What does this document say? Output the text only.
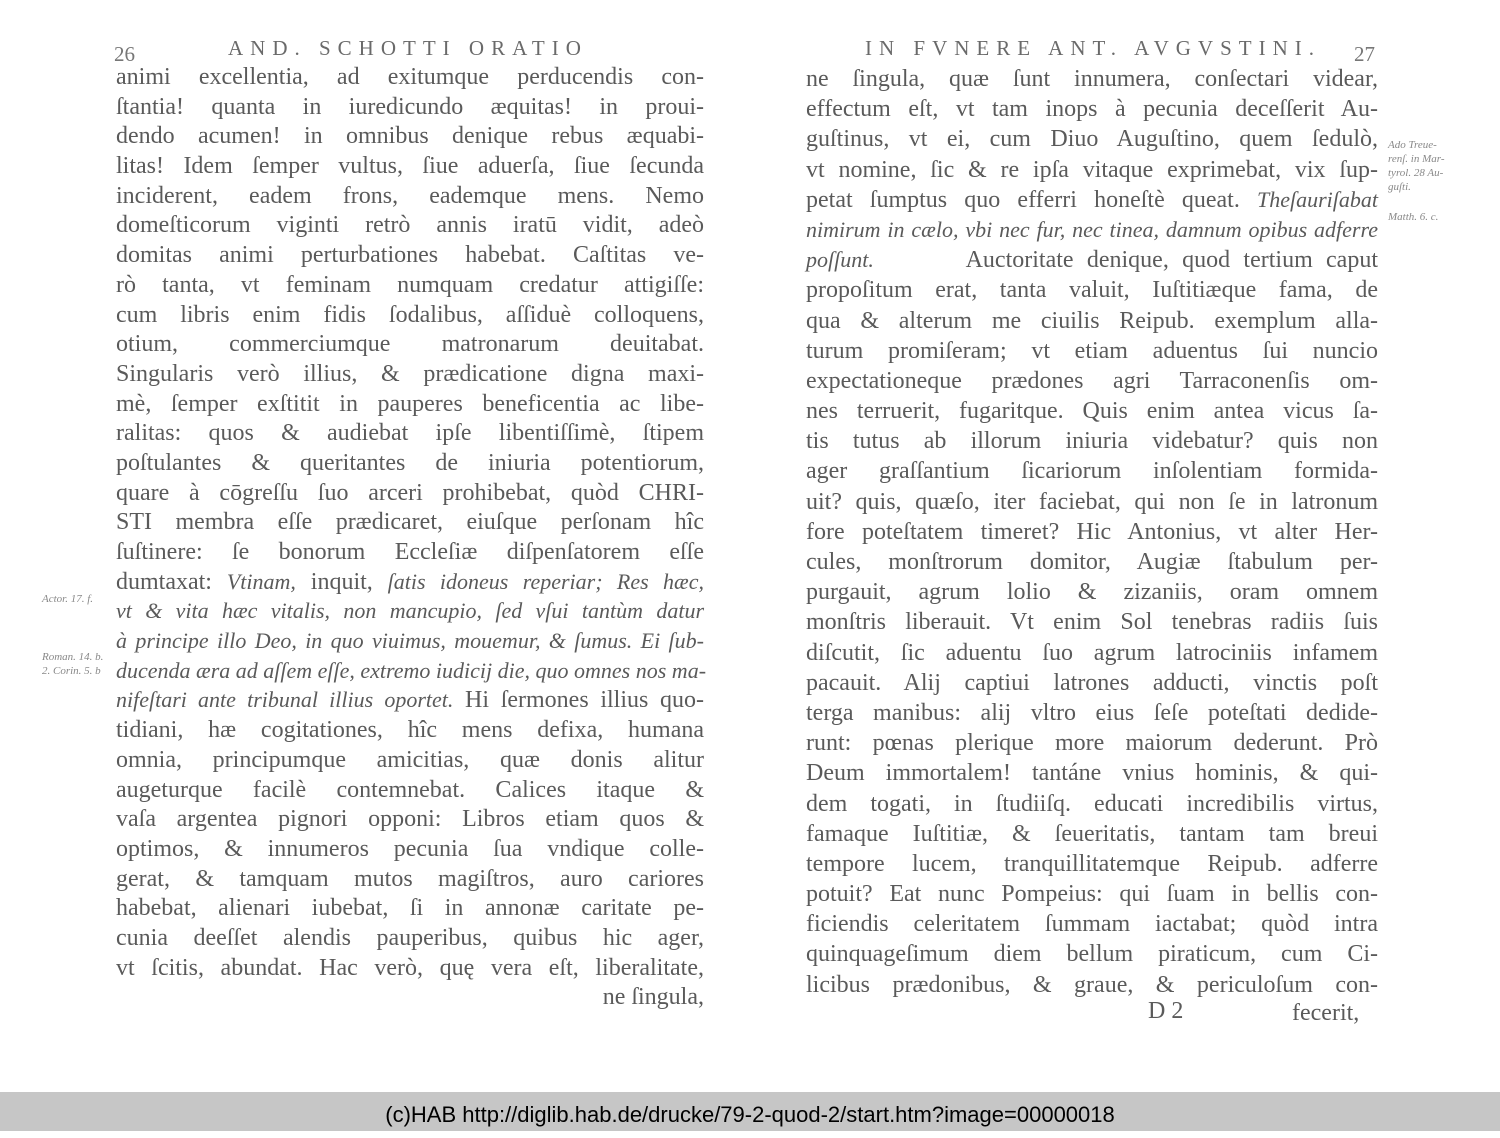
26	AND. SCHOTTI ORATIO
animi excellentia, ad exitumque perducendis con-
ſtantia! quanta in iuredicundo æquitas! in proui-
dendo acumen! in omnibus denique rebus æquabi-
litas! Idem ſemper vultus, ſiue aduerſa, ſiue ſecunda
inciderent, eadem frons, eademque mens. Nemo
domeſticorum viginti retrò annis iratū vidit, adeò
domitas animi perturbationes habebat. Caſtitas ve-
rò tanta, vt feminam numquam credatur attigiſſe:
cum libris enim fidis ſodalibus, aſſiduè colloquens,
otium, commerciumque matronarum deuitabat.
Singularis verò illius, & prædicatione digna maxi-
mè, ſemper exſtitit in pauperes beneficentia ac libe-
ralitas: quos & audiebat ipſe libentiſſimè, ſtipem
poſtulantes & queritantes de iniuria potentiorum,
quare à cōgreſſu ſuo arceri prohibebat, quòd CHRI-
STI membra eſſe prædicaret, eiuſque perſonam hîc
ſuſtinere: ſe bonorum Eccleſiæ diſpenſatorem eſſe
dumtaxat: Vtinam, inquit, ſatis idoneus reperiar; Res hæc,
vt & vita hæc vitalis, non mancupio, ſed vſui tantùm datur
à principe illo Deo, in quo viuimus, mouemur, & ſumus. Ei ſub-
ducenda æra ad aſſem eſſe, extremo iudicij die, quo omnes nos ma-
nifeſtari ante tribunal illius oportet. Hi ſermones illius quo-
tidiani, hæ cogitationes, hîc mens defixa, humana
omnia, principumque amicitias, quæ donis alitur
augeturque facilè contemnebat. Calices itaque &
vaſa argentea pignori opponi: Libros etiam quos &
optimos, & innumeros pecunia ſua vndique colle-
gerat, & tamquam mutos magiſtros, auro cariores
habebat, alienari iubebat, ſi in annonæ caritate pe-
cunia deeſſet alendis pauperibus, quibus hic ager,
vt ſcitis, abundat. Hac verò, quę vera eſt, liberalitate,
ne ſingula,
Actor. 17. f.
Roman. 14. b.
2. Corin. 5. b
IN FVNERE ANT. AVGVSTINI. 27
ne ſingula, quæ ſunt innumera, conſectari videar,
effectum eſt, vt tam inops à pecunia deceſſerit Au-
guſtinus, vt ei, cum Diuo Auguſtino, quem ſedulò,
vt nomine, ſic & re ipſa vitaque exprimebat, vix ſup-
petat ſumptus quo efferri honeſtè queat. Theſauriſabat
nimirum in cælo, vbi nec fur, nec tinea, damnum opibus adferre
poſſunt.       Auctoritate denique, quod tertium caput
propoſitum erat, tanta valuit, Iuſtitiæque fama, de
qua & alterum me ciuilis Reipub. exemplum alla-
turum promiſeram; vt etiam aduentus ſui nuncio
expectationeque prædones agri Tarraconenſis om-
nes terruerit, fugaritque. Quis enim antea vicus ſa-
tis tutus ab illorum iniuria videbatur? quis non
ager graſſantium ſicariorum inſolentiam formida-
uit? quis, quæſo, iter faciebat, qui non ſe in latronum
fore poteſtatem timeret? Hic Antonius, vt alter Her-
cules, monſtrorum domitor, Augiæ ſtabulum per-
purgauit, agrum lolio & zizaniis, oram omnem
monſtris liberauit. Vt enim Sol tenebras radiis ſuis
diſcutit, ſic aduentu ſuo agrum latrociniis infamem
pacauit. Alij captiui latrones adducti, vinctis poſt
terga manibus: alij vltro eius ſeſe poteſtati dedide-
runt: pœnas plerique more maiorum dederunt. Prò
Deum immortalem! tantáne vnius hominis, & qui-
dem togati, in ſtudiiſq. educati incredibilis virtus,
famaque Iuſtitiæ, & ſeueritatis, tantam tam breui
tempore lucem, tranquillitatemque Reipub. adferre
potuit? Eat nunc Pompeius: qui ſuam in bellis con-
ficiendis celeritatem ſummam iactabat; quòd intra
quinquageſimum diem bellum piraticum, cum Ci-
licibus prædonibus, & graue, & periculoſum con-
D 2	fecerit,
Ado Treue-
renſ. in Mar-
tyrol. 28 Au-
guſti.
Matth. 6. c.
(c)HAB http://diglib.hab.de/drucke/79-2-quod-2/start.htm?image=00000018
